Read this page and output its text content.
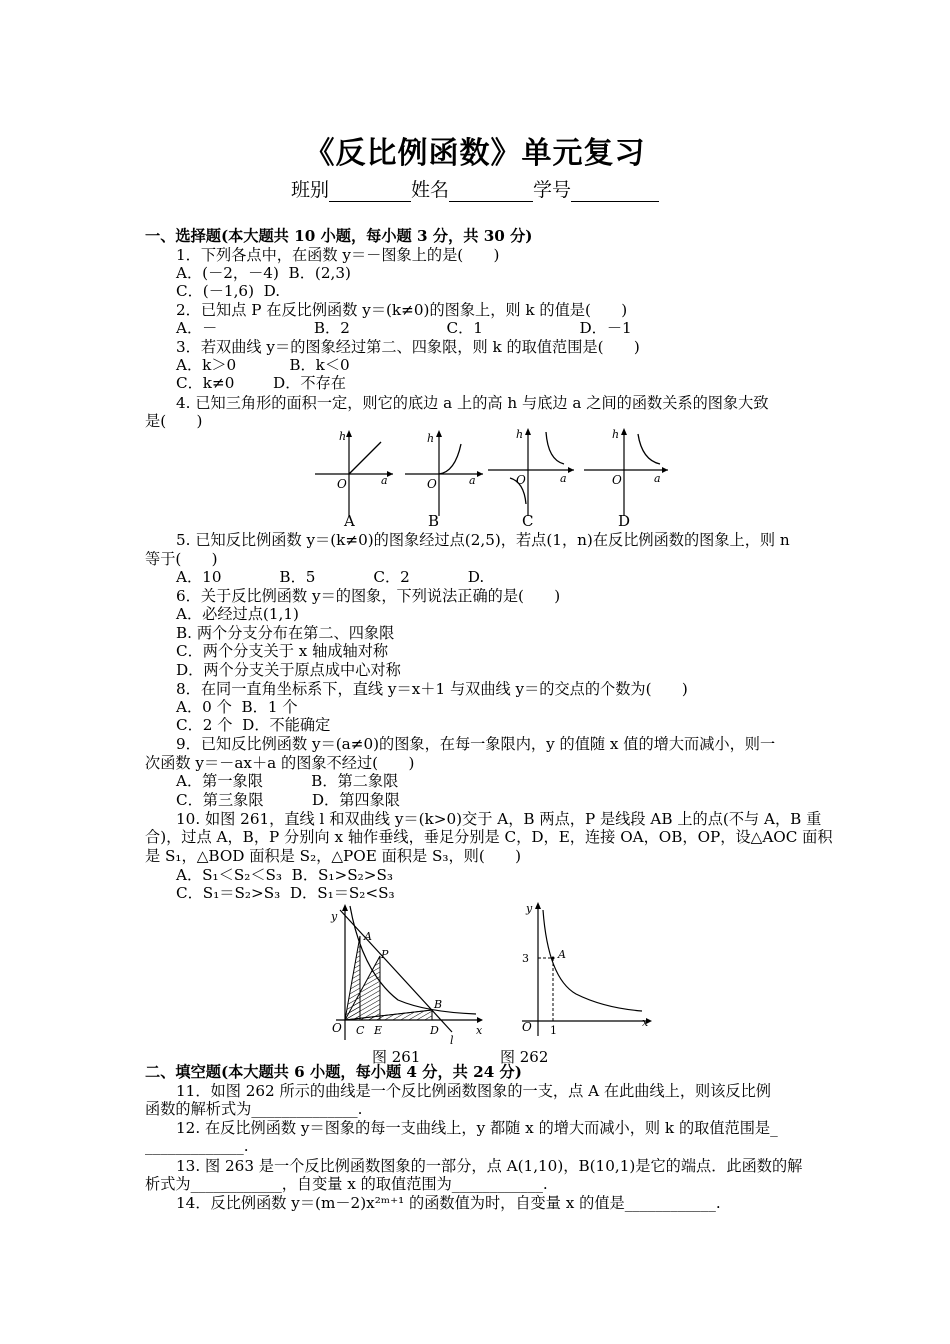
《反比例函数》单元复习
班别	姓名	学号
一、选择题(本大题共 10 小题，每小题 3 分，共 30 分)
1．下列各点中，在函数 y＝－图象上的是(　　)
A．(－2，－4)  B．(2,3)
C．(－1,6)  D.
2．已知点 P 在反比例函数 y＝(k≠0)的图象上，则 k 的值是(　　)
A．－                    B．2                    C．1                    D．－1
3．若双曲线 y＝的图象经过第二、四象限，则 k 的取值范围是(　　)
A．k＞0           B．k＜0
C．k≠0        D．不存在
4. 已知三角形的面积一定，则它的底边 a 上的高 h 与底边 a 之间的函数关系的图象大致
是(　　)
5. 已知反比例函数 y＝(k≠0)的图象经过点(2,5)，若点(1，n)在反比例函数的图象上，则 n
等于(　　)
A．10            B．5            C．2            D.
6．关于反比例函数 y＝的图象，下列说法正确的是(　　)
A．必经过点(1,1)
B. 两个分支分布在第二、四象限
C．两个分支关于 x 轴成轴对称
D．两个分支关于原点成中心对称
8．在同一直角坐标系下，直线 y＝x＋1 与双曲线 y＝的交点的个数为(　　)
A．0 个  B．1 个
C．2 个  D．不能确定
9．已知反比例函数 y＝(a≠0)的图象，在每一象限内，y 的值随 x 值的增大而减小，则一
次函数 y＝－ax＋a 的图象不经过(　　)
A．第一象限          B．第二象限
C．第三象限          D．第四象限
10. 如图 261，直线 l 和双曲线 y＝(k>0)交于 A，B 两点，P 是线段 AB 上的点(不与 A，B 重
合)，过点 A，B，P 分别向 x 轴作垂线，垂足分别是 C，D，E，连接 OA，OB，OP，设△AOC 面积
是 S₁，△BOD 面积是 S₂，△POE 面积是 S₃，则(　　)
A．S₁＜S₂＜S₃  B．S₁>S₂>S₃
C．S₁＝S₂>S₃  D．S₁＝S₂<S₃
二、填空题(本大题共 6 小题，每小题 4 分，共 24 分)
11．如图 262 所示的曲线是一个反比例函数图象的一支，点 A 在此曲线上，则该反比例
函数的解析式为______________.
12. 在反比例函数 y＝图象的每一支曲线上，y 都随 x 的增大而减小，则 k 的取值范围是_
_____________.
13. 图 263 是一个反比例函数图象的一部分，点 A(1,10)，B(10,1)是它的端点．此函数的解
析式为____________，自变量 x 的取值范围为____________.
14．反比例函数 y＝(m－2)x²ᵐ⁺¹ 的函数值为时，自变量 x 的值是____________.
h
a
O
h
a
O
h
a
O
h
a
O
A	B	C	D
y
x
O
A
P
B
C E	D
l
图 261
y
x
O
A
3
1
图 262
